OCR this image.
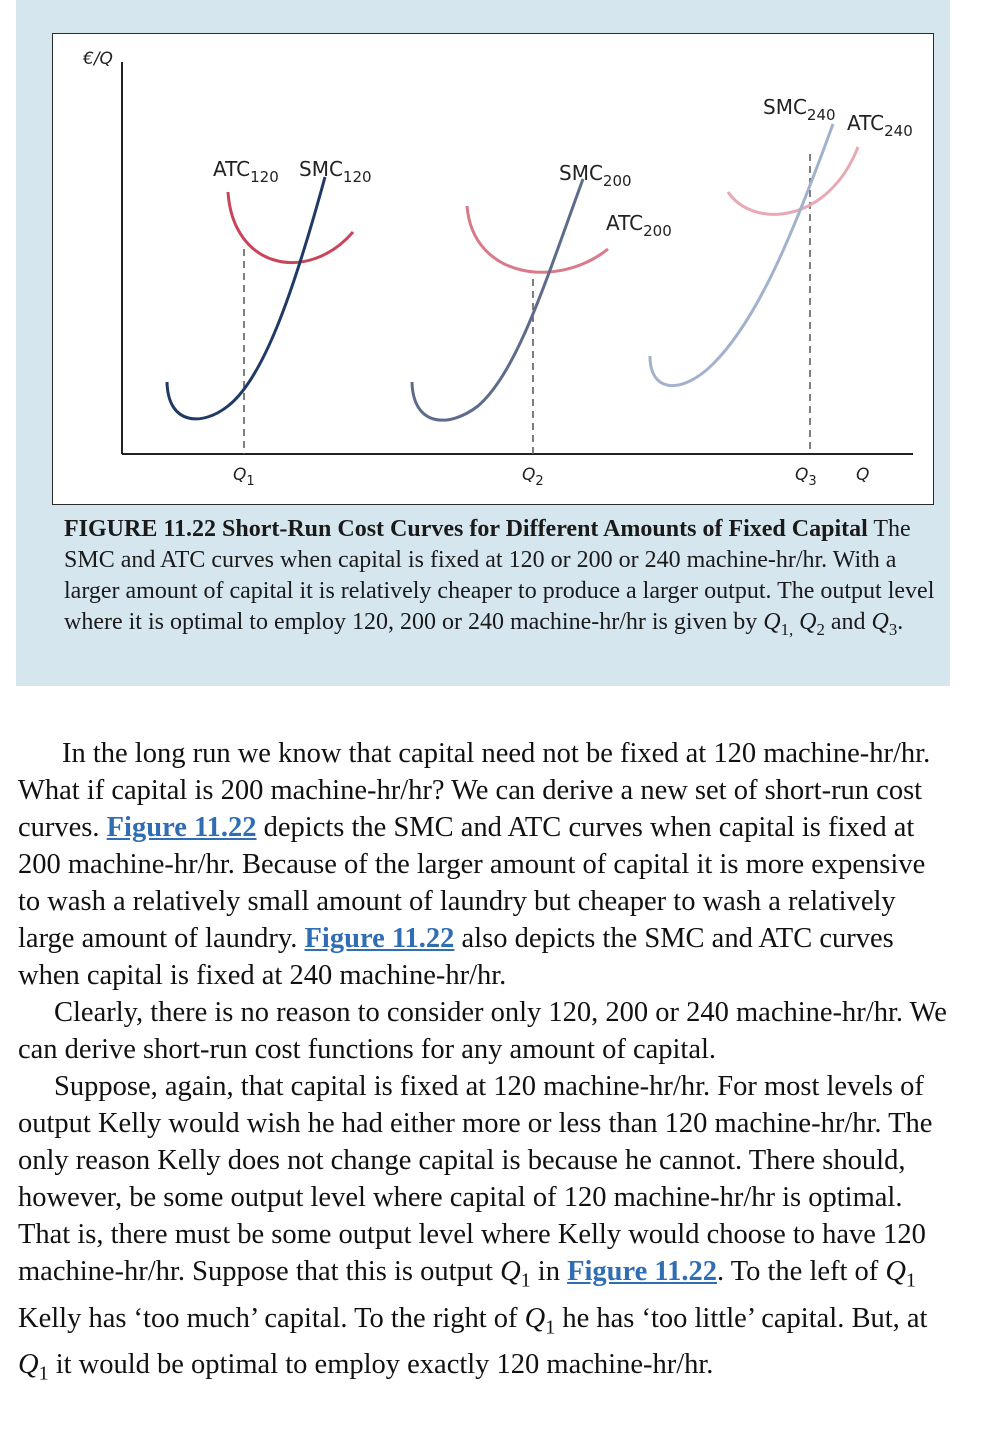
€/Q
$ATC_{120}$ $SMC_{120}$	$SMC_{200}$
$ATC_{200}$
$SMC_{240}$ $ATC_{240}$
$Q_1$	$Q_2$	$Q_3$ Q
FIGURE 11.22 Short-Run Cost Curves for Different Amounts of Fixed Capital The SMC and ATC curves when capital is fixed at 120 or 200 or 240 machine-hr/hr. With a larger amount of capital it is relatively cheaper to produce a larger output. The output level where it is optimal to employ 120, 200 or 240 machine-hr/hr is given by $Q_{1,}$ $Q_2$ and $Q_3$.

In the long run we know that capital need not be fixed at 120 machine-hr/hr. What if capital is 200 machine-hr/hr? We can derive a new set of short-run cost curves. Figure 11.22 depicts the SMC and ATC curves when capital is fixed at 200 machine-hr/hr. Because of the larger amount of capital it is more expensive to wash a relatively small amount of laundry but cheaper to wash a relatively large amount of laundry. Figure 11.22 also depicts the SMC and ATC curves when capital is fixed at 240 machine-hr/hr.

Clearly, there is no reason to consider only 120, 200 or 240 machine-hr/hr. We can derive short-run cost functions for any amount of capital.

Suppose, again, that capital is fixed at 120 machine-hr/hr. For most levels of output Kelly would wish he had either more or less than 120 machine-hr/hr. The only reason Kelly does not change capital is because he cannot. There should, however, be some output level where capital of 120 machine-hr/hr is optimal. That is, there must be some output level where Kelly would choose to have 120 machine-hr/hr. Suppose that this is output $Q_1$ in Figure 11.22. To the left of $Q_1$ Kelly has ‘too much’ capital. To the right of $Q_1$ he has ‘too little’ capital. But, at $Q_1$ it would be optimal to employ exactly 120 machine-hr/hr.
